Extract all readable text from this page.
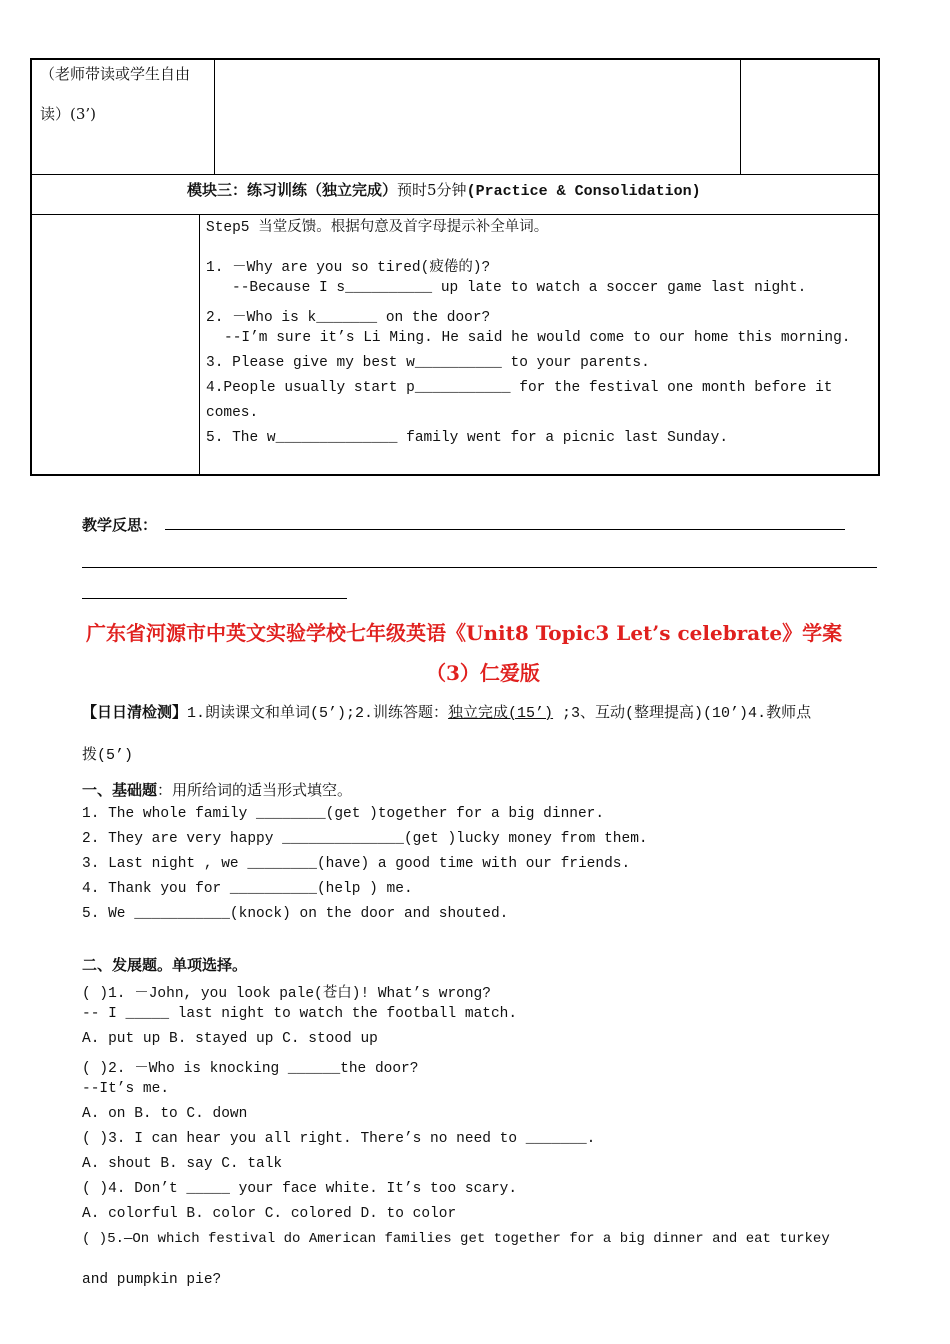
（老师带读或学生自由
读）(3’)
模块三：练习训练（独立完成）预时5分钟(Practice & Consolidation)
Step5 当堂反馈。根据句意及首字母提示补全单词。
1. －Why are you so tired(疲倦的)?
--Because I s__________ up late to watch a soccer game last night.
2. －Who is k_______ on the door?
--I’m sure it’s Li Ming. He said he would come to our home this morning.
3. Please give my best w__________ to your parents.
4.People usually start p___________ for the festival one month before it
comes.
5. The w______________ family went for a picnic last Sunday.
教学反思：
广东省河源市中英文实验学校七年级英语《Unit8 Topic3 Let’s celebrate》学案
（3）仁爱版
【日日清检测】1.朗读课文和单词(5’);2.训练答题：独立完成(15’) ;3、互动(整理提高)(10’)4.教师点
拨(5’)
一、基础题：用所给词的适当形式填空。
1. The whole family ________(get )together for a big dinner.
2. They are very happy ______________(get )lucky money from them.
3. Last night , we ________(have) a good time with our friends.
4. Thank you for __________(help ) me.
5. We ___________(knock) on the door and shouted.
二、发展题。单项选择。
( )1. －John, you look pale(苍白)! What’s wrong?
-- I _____ last night to watch the football match.
A. put up B. stayed up C. stood up
( )2. －Who is knocking ______the door?
--It’s me.
A. on B. to C. down
( )3. I can hear you all right. There’s no need to _______.
A. shout B. say C. talk
( )4. Don’t _____ your face white. It’s too scary.
A. colorful B. color C. colored D. to color
( )5.—On which festival do American families get together for a big dinner and eat turkey
and pumpkin pie?
